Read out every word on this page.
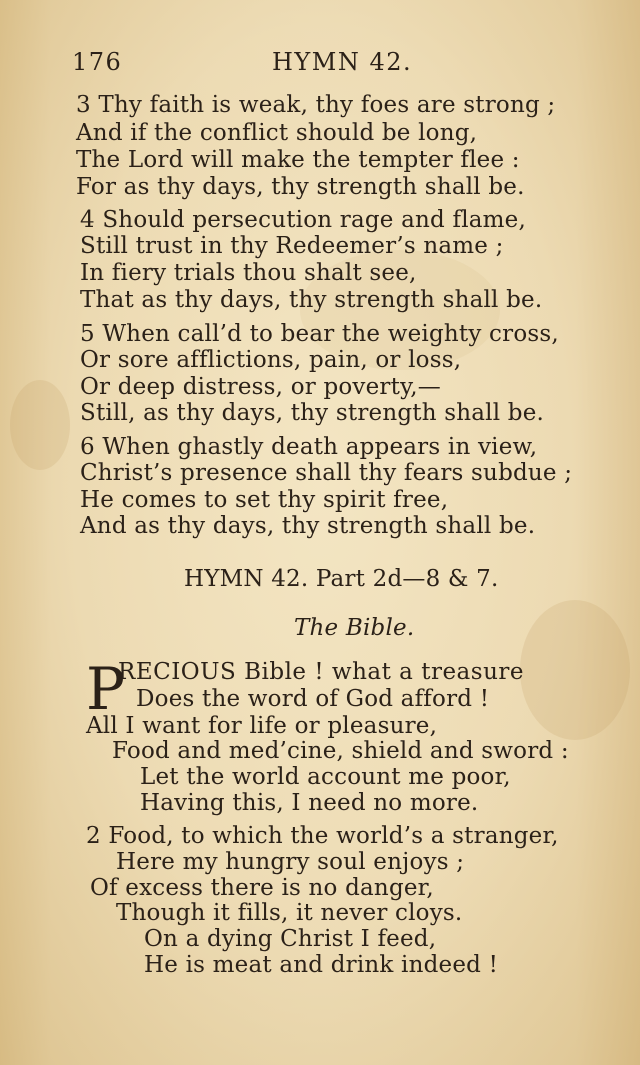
176	HYMN 42.
3 Thy faith is weak, thy foes are strong ;
And if the conflict should be long,
The Lord will make the tempter flee :
For as thy days, thy strength shall be.
4 Should persecution rage and flame,
Still trust in thy Redeemer’s name ;
In fiery trials thou shalt see,
That as thy days, thy strength shall be.
5 When call’d to bear the weighty cross,
Or sore afflictions, pain, or loss,
Or deep distress, or poverty,—
Still, as thy days, thy strength shall be.
6 When ghastly death appears in view,
Christ’s presence shall thy fears subdue ;
He comes to set thy spirit free,
And as thy days, thy strength shall be.
HYMN 42. Part 2d—8 & 7.
The Bible.
P
RECIOUS Bible ! what a treasure
Does the word of God afford !
All I want for life or pleasure,
Food and med’cine, shield and sword :
Let the world account me poor,
Having this, I need no more.
2 Food, to which the world’s a stranger,
Here my hungry soul enjoys ;
Of excess there is no danger,
Though it fills, it never cloys.
On a dying Christ I feed,
He is meat and drink indeed !
